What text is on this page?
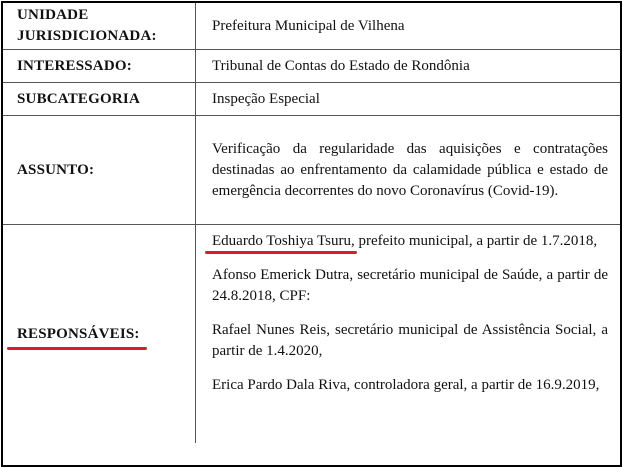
UNIDADE
JURISDICIONADA:	Prefeitura Municipal de Vilhena
INTERESSADO:	Tribunal de Contas do Estado de Rondônia
SUBCATEGORIA	Inspeção Especial
ASSUNTO:	Verificação da regularidade das aquisições e contratações destinadas ao enfrentamento da calamidade pública e estado de emergência decorrentes do novo Coronavírus (Covid-19).
RESPONSÁVEIS:	Eduardo Toshiya Tsuru
, prefeito municipal, a partir de 1.7.2018,

Afonso Emerick Dutra, secretário municipal de Saúde, a partir de 24.8.2018, CPF:

Rafael Nunes Reis, secretário municipal de Assistência Social, a partir de 1.4.2020,

Erica Pardo Dala Riva, controladora geral, a partir de 16.9.2019,
